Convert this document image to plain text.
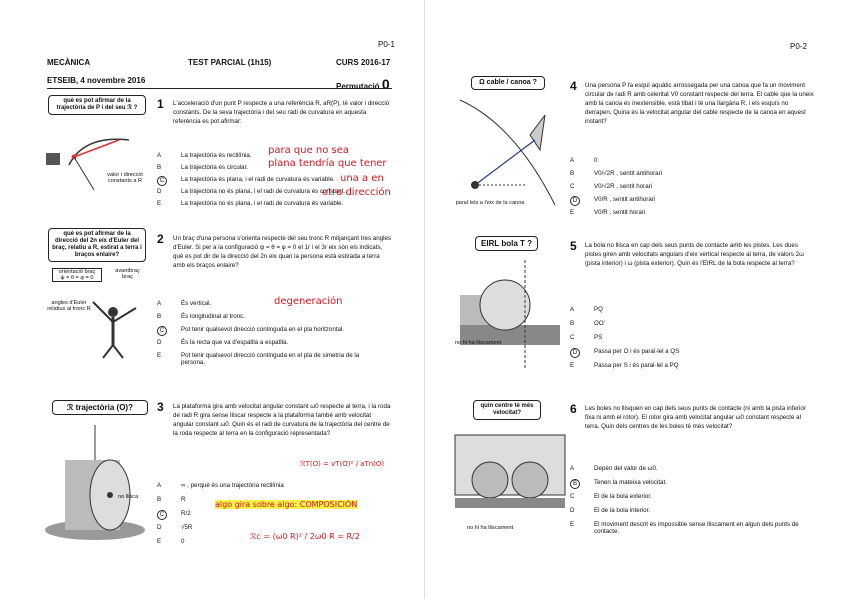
P0-1
MECÀNICA	TEST PARCIAL (1h15)	CURS 2016-17
ETSEIB, 4 novembre 2016
Permutació 0
què es pot afirmar de la trajectòria de P i del seu ℛ ?
valor i direcció constants a R
1 L'acceleració d'un punt P respecte a una referència R, aR(P), té valor i direcció constants. De la seva trajectòria i del seu radi de curvatura en aquesta referència es pot afirmar:
A	La trajectòria és rectilínia.
B	La trajectòria és circular.
C	La trajectòria és plana, i el radi de curvatura és variable.
D	La trajectòria no és plana, i el radi de curvatura és constant.
E	La trajectòria no és plana, i el radi de curvatura és variable.
para que no sea
plana tendría que tener
una a en
otra dirección
què es pot afirmar de la direcció del 2n eix d'Euler del braç, relatiu a R, estirat a terra i braços enlaire?
orientació braç
ψ = θ = φ = 0
avantbraç
braç
angles d'Euler relatius al tronc R
2 Un braç d'una persona s'orienta respecte del seu tronc R mitjançant tres angles d'Euler. Si per a la configuració ψ = θ = φ = 0 el 1r i el 3r eix són els indicats, què es pot dir de la direcció del 2n eix quan la persona està estirada a terra amb els braços enlaire?
A	És vertical.
B	És longitudinal al tronc.
C	Pot tenir qualsevol direcció continguda en el pla horitzontal.
D	És la recta que va d'espatlla a espatlla.
E	Pot tenir qualsevol direcció continguda en el pla de simetria de la persona.
degeneración
ℛ trajectòria (O)?
no llisca
3 La plataforma gira amb velocitat angular constant ω0 respecte al terra, i la roda de radi R gira sense lliscar respecte a la plataforma també amb velocitat angular constant ω0. Quin és el radi de curvatura de la trajectòria del centre de la roda respecte al terra en la configuració representada?
A	∞ , perquè és una trajectòria rectilínia
B	R
C	R/2
D	√5R
E	0
ℛT(O) = vT(O)² / aTn(O)
algo gira sobre algo: COMPOSICIÓN
ℛc = (ω0 R)² / 2ω0·R = R/2
P0-2
Ω cable / canoa ?
paral·lels a l'eix de la canoa
4 Una persona P fa esquí aquàtic arrossegada per una canoa que fa un moviment circular de radi R amb celeritat V0 constant respecte del terra. El cable que la uneix amb la canoa és inextensible, està tibat i té una llargària R, i els esquís no derrapen. Quina és la velocitat angular del cable respecte de la canoa en aquest instant?
A	0
B	V0/√2R , sentit antihorari
C	V0/√2R , sentit horari
D	V0/R , sentit antihorari
E	V0/R , sentit horari
EIRL bola T ?
no hi ha lliscament
5 La bola no llisca en cap dels seus punts de contacte amb les pistes. Les dues pistes giren amb velocitats angulars d'eix vertical respecte al terra, de valors 2ω (pista interior) i ω (pista exterior). Quin és l'EIRL de la bola respecte al terra?
A	PQ
B	OO'
C	PS
D	Passa per O i és paral·lel a QS
E	Passa per S i és paral·lel a PQ
quin centre té més velocitat?
no hi ha lliscament
6 Les boles no llisquen en cap dels seus punts de contacte (ni amb la pista inferior fixa ni amb el rotor). El rotor gira amb velocitat angular ω0 constant respecte al terra. Quin dels centres de les boles té més velocitat?
A	Depèn del valor de ω0.
B	Tenen la mateixa velocitat.
C	El de la bola exterior.
D	El de la bola interior.
E	El moviment descrit és impossible sense lliscament en algun dels punts de contacte.
